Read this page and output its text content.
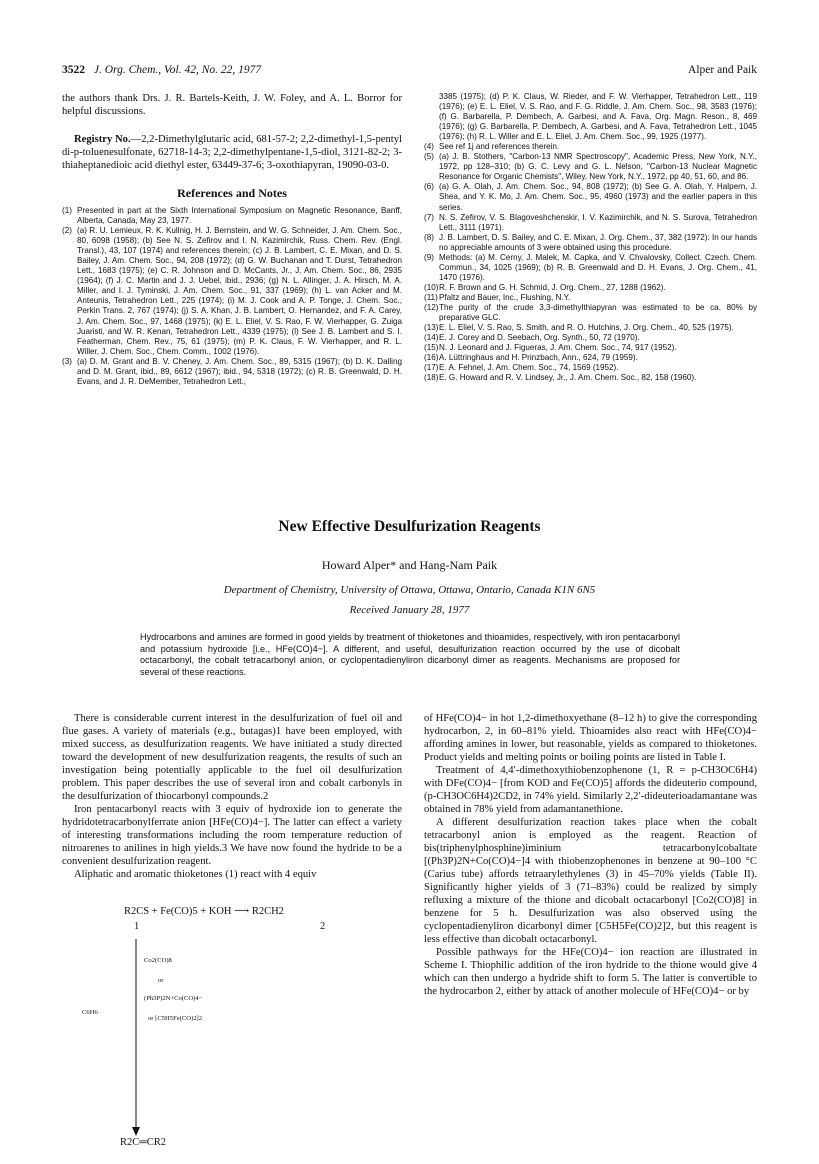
3522 J. Org. Chem., Vol. 42, No. 22, 1977	Alper and Paik

the authors thank Drs. J. R. Bartels-Keith, J. W. Foley, and A. L. Borror for helpful discussions.

Registry No.—2,2-Dimethylglutaric acid, 681-57-2; 2,2-dimethyl-1,5-pentyl di-p-toluenesulfonate, 62718-14-3; 2,2-dimethylpentane-1,5-diol, 3121-82-2; 3-thiaheptanedioic acid diethyl ester, 63449-37-6; 3-oxothiapyran, 19090-03-0.

References and Notes

(1) Presented in part at the Sixth International Symposium on Magnetic Resonance, Banff, Alberta, Canada, May 23, 1977.
(2) (a) R. U. Lemieux, R. K. Kullnig, H. J. Bernstein, and W. G. Schneider, J. Am. Chem. Soc., 80, 6098 (1958); (b) See N. S. Zefirov and I. N. Kazimirchik, Russ. Chem. Rev. (Engl. Transl.), 43, 107 (1974) and references therein; (c) J. B. Lambert, C. E. Mixan, and D. S. Bailey, J. Am. Chem. Soc., 94, 208 (1972); (d) G. W. Buchanan and T. Durst, Tetrahedron Lett., 1683 (1975); (e) C. R. Johnson and D. McCants, Jr., J. Am. Chem. Soc., 86, 2935 (1964); (f) J. C. Martin and J. J. Uebel, ibid., 2936; (g) N. L. Allinger, J. A. Hirsch, M. A. Miller, and I. J. Tyminski, J. Am. Chem. Soc., 91, 337 (1969); (h) L. van Acker and M. Anteunis, Tetrahedron Lett., 225 (1974); (i) M. J. Cook and A. P. Tonge, J. Chem. Soc., Perkin Trans. 2, 767 (1974); (j) S. A. Khan, J. B. Lambert, O. Hernandez, and F. A. Carey, J. Am. Chem. Soc., 97, 1468 (1975); (k) E. L. Eliel, V. S. Rao, F. W. Vierhapper, G. Zuiga Juaristi, and W. R. Kenan, Tetrahedron Lett., 4339 (1975); (l) See J. B. Lambert and S. I. Featherman, Chem. Rev., 75, 61 (1975); (m) P. K. Claus, F. W. Vierhapper, and R. L. Willer, J. Chem. Soc., Chem. Comm., 1002 (1976).
(3) (a) D. M. Grant and B. V. Cheney, J. Am. Chem. Soc., 89, 5315 (1967); (b) D. K. Dalling and D. M. Grant, ibid., 89, 6612 (1967); ibid., 94, 5318 (1972); (c) R. B. Greenwald, D. H. Evans, and J. R. DeMember, Tetrahedron Lett.,

3385 (1975); (d) P. K. Claus, W. Rieder, and F. W. Vierhapper, Tetrahedron Lett., 119 (1976); (e) E. L. Eliel, V. S. Rao, and F. G. Riddle, J. Am. Chem. Soc., 98, 3583 (1976); (f) G. Barbarella, P. Dembech, A. Garbesi, and A. Fava, Org. Magn. Reson., 8, 469 (1976); (g) G. Barbarella, P. Dembech, A. Garbesi, and A. Fava, Tetrahedron Lett., 1045 (1976); (h) R. L. Willer and E. L. Eliel, J. Am. Chem. Soc., 99, 1925 (1977).

(4) See ref 1j and references therein.
(5) (a) J. B. Stothers, "Carbon-13 NMR Spectroscopy", Academic Press, New York, N.Y., 1972, pp 128–310; (b) G. C. Levy and G. L. Nelson, "Carbon-13 Nuclear Magnetic Resonance for Organic Chemists", Wiley, New York, N.Y., 1972, pp 40, 51, 60, and 86.
(6) (a) G. A. Olah, J. Am. Chem. Soc., 94, 808 (1972); (b) See G. A. Olah, Y. Halpern, J. Shea, and Y. K. Mo, J. Am. Chem. Soc., 95, 4960 (1973) and the earlier papers in this series.
(7) N. S. Zefirov, V. S. Blagoveshchenskir, I. V. Kazimirchik, and N. S. Surova, Tetrahedron Lett., 3111 (1971).
(8) J. B. Lambert, D. S. Bailey, and C. E. Mixan, J. Org. Chem., 37, 382 (1972): In our hands no appreciable amounts of 3 were obtained using this procedure.
(9) Methods: (a) M. Cerny, J. Malek, M. Capka, and V. Chvalovsky, Collect. Czech. Chem. Commun., 34, 1025 (1969); (b) R. B. Greenwald and D. H. Evans, J. Org. Chem., 41, 1470 (1976).
(10) R. F. Brown and G. H. Schmid, J. Org. Chem., 27, 1288 (1962).
(11) Pfaltz and Bauer, Inc., Flushing, N.Y.
(12) The purity of the crude 3,3-dimethylthiapyran was estimated to be ca. 80% by preparative GLC.
(13) E. L. Eliel, V. S. Rao, S. Smith, and R. O. Hutchins, J. Org. Chem., 40, 525 (1975).
(14) E. J. Corey and D. Seebach, Org. Synth., 50, 72 (1970).
(15) N. J. Leonard and J. Figueras, J. Am. Chem. Soc., 74, 917 (1952).
(16) A. Lüttringhaus and H. Prinzbach, Ann., 624, 79 (1959).
(17) E. A. Fehnel, J. Am. Chem. Soc., 74, 1569 (1952).
(18) E. G. Howard and R. V. Lindsey, Jr., J. Am. Chem. Soc., 82, 158 (1960).
New Effective Desulfurization Reagents

Howard Alper* and Hang-Nam Paik

Department of Chemistry, University of Ottawa, Ottawa, Ontario, Canada K1N 6N5

Received January 28, 1977

Hydrocarbons and amines are formed in good yields by treatment of thioketones and thioamides, respectively, with iron pentacarbonyl and potassium hydroxide [i.e., HFe(CO)4−]. A different, and useful, desulfurization reaction occurred by the use of dicobalt octacarbonyl, the cobalt tetracarbonyl anion, or cyclopentadienyliron dicarbonyl dimer as reagents. Mechanisms are proposed for several of these reactions.

There is considerable current interest in the desulfurization of fuel oil and flue gases. A variety of materials (e.g., butagas)1 have been employed, with mixed success, as desulfurization reagents. We have initiated a study directed toward the development of new desulfurization reagents, the results of such an investigation being potentially applicable to the fuel oil desulfurization problem. This paper describes the use of several iron and cobalt carbonyls in the desulfurization of thiocarbonyl compounds.2

Iron pentacarbonyl reacts with 3 equiv of hydroxide ion to generate the hydridotetracarbonylferrate anion [HFe(CO)4−]. The latter can effect a variety of interesting transformations including the room temperature reduction of nitroarenes to anilines in high yields.3 We have now found the hydride to be a convenient desulfurization reagent.

Aliphatic and aromatic thioketones (1) react with 4 equiv

R2CS + Fe(CO)5 + KOH ⟶ R2CH2
1	2
C6H6
Co2(CO)8
or
(Ph3P)2N+Co(CO)4−
or [C5H5Fe(CO)2]2
R2C═CR2

of HFe(CO)4− in hot 1,2-dimethoxyethane (8–12 h) to give the corresponding hydrocarbon, 2, in 60–81% yield. Thioamides also react with HFe(CO)4− affording amines in lower, but reasonable, yields as compared to thioketones. Product yields and melting points or boiling points are listed in Table I.

Treatment of 4,4′-dimethoxythiobenzophenone (1, R = p-CH3OC6H4) with DFe(CO)4− [from KOD and Fe(CO)5] affords the dideuterio compound, (p-CH3OC6H4)2CD2, in 74% yield. Similarly 2,2′-dideuterioadamantane was obtained in 78% yield from adamantanethione.

A different desulfurization reaction takes place when the cobalt tetracarbonyl anion is employed as the reagent. Reaction of bis(triphenylphosphine)iminium tetracarbonylcobaltate [(Ph3P)2N+Co(CO)4−]4 with thiobenzophenones in benzene at 90–100 °C (Carius tube) affords tetraarylethylenes (3) in 45–70% yields (Table II). Significantly higher yields of 3 (71–83%) could be realized by simply refluxing a mixture of the thione and dicobalt octacarbonyl [Co2(CO)8] in benzene for 5 h. Desulfurization was also observed using the cyclopentadienyliron dicarbonyl dimer [C5H5Fe(CO)2]2, but this reagent is less effective than dicobalt octacarbonyl.

Possible pathways for the HFe(CO)4− ion reaction are illustrated in Scheme I. Thiophilic addition of the iron hydride to the thione would give 4 which can then undergo a hydride shift to form 5. The latter is convertible to the hydrocarbon 2, either by attack of another molecule of HFe(CO)4− or by
